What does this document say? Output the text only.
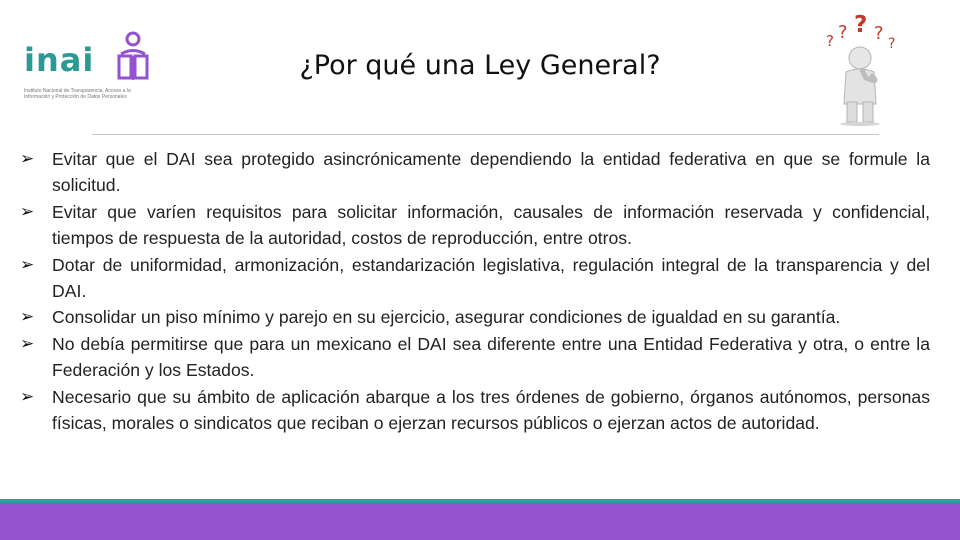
inai
Instituto Nacional de Transparencia, Acceso a la
Información y Protección de Datos Personales
¿Por qué una Ley General?
? ? ? ? ?
➢	Evitar que el DAI sea protegido asincrónicamente dependiendo la entidad federativa en que se formule la solicitud.
➢	Evitar que varíen requisitos para solicitar información, causales de información reservada y confidencial, tiempos de respuesta de la autoridad, costos de reproducción, entre otros.
➢	Dotar de uniformidad, armonización, estandarización legislativa, regulación integral de la transparencia y del DAI.
➢	Consolidar un piso mínimo y parejo en su ejercicio, asegurar condiciones de igualdad en su garantía.
➢	No debía permitirse que para un mexicano el DAI sea diferente entre una Entidad Federativa y otra, o entre la Federación y los Estados.
➢	Necesario que su ámbito de aplicación abarque a los tres órdenes de gobierno, órganos autónomos, personas físicas, morales o sindicatos que reciban o ejerzan recursos públicos o ejerzan actos de autoridad.
